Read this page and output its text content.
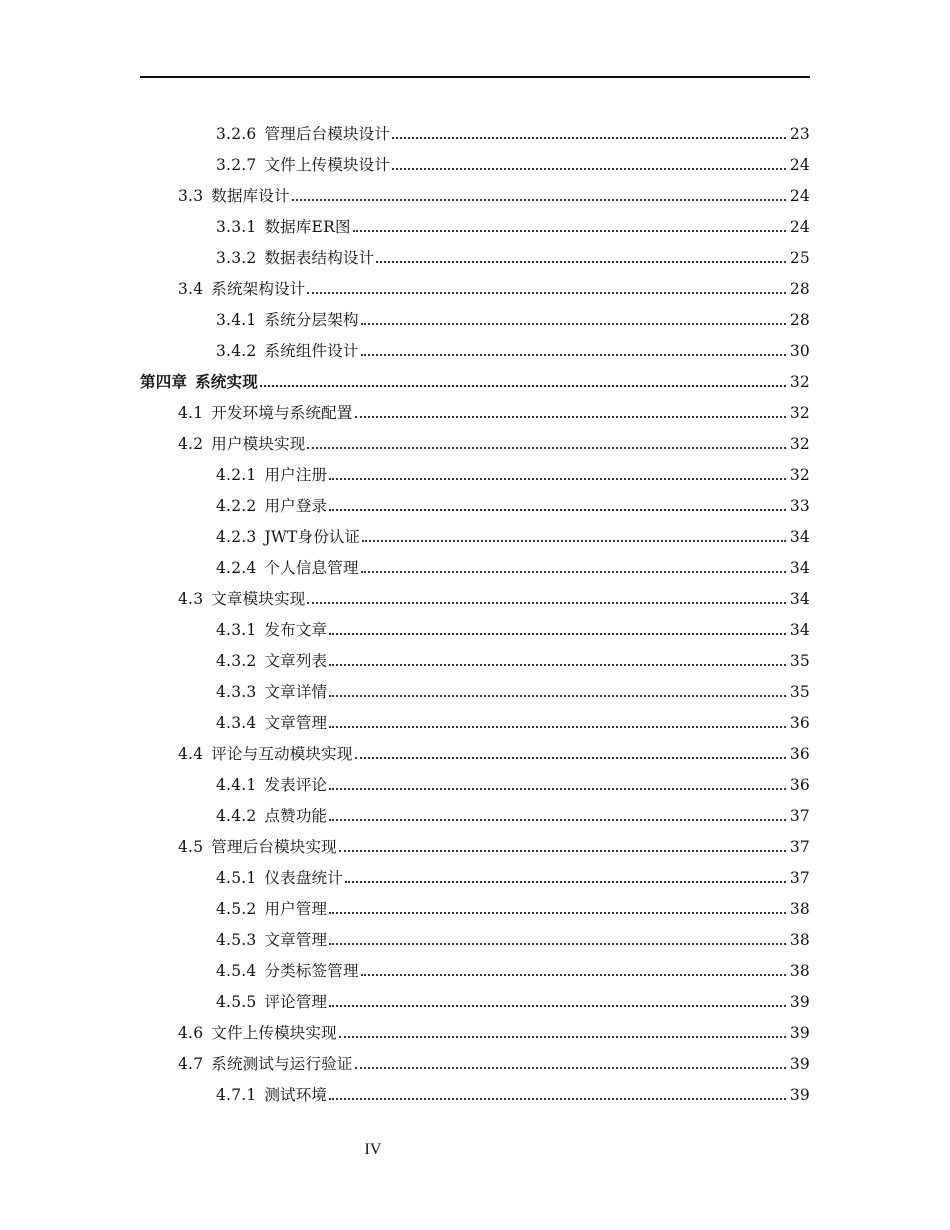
3.2.6 管理后台模块设计	23
3.2.7 文件上传模块设计	24
3.3 数据库设计	24
3.3.1 数据库ER图	24
3.3.2 数据表结构设计	25
3.4 系统架构设计	28
3.4.1 系统分层架构	28
3.4.2 系统组件设计	30
第四章 系统实现	32
4.1 开发环境与系统配置	32
4.2 用户模块实现	32
4.2.1 用户注册	32
4.2.2 用户登录	33
4.2.3 JWT身份认证	34
4.2.4 个人信息管理	34
4.3 文章模块实现	34
4.3.1 发布文章	34
4.3.2 文章列表	35
4.3.3 文章详情	35
4.3.4 文章管理	36
4.4 评论与互动模块实现	36
4.4.1 发表评论	36
4.4.2 点赞功能	37
4.5 管理后台模块实现	37
4.5.1 仪表盘统计	37
4.5.2 用户管理	38
4.5.3 文章管理	38
4.5.4 分类标签管理	38
4.5.5 评论管理	39
4.6 文件上传模块实现	39
4.7 系统测试与运行验证	39
4.7.1 测试环境	39
IV
